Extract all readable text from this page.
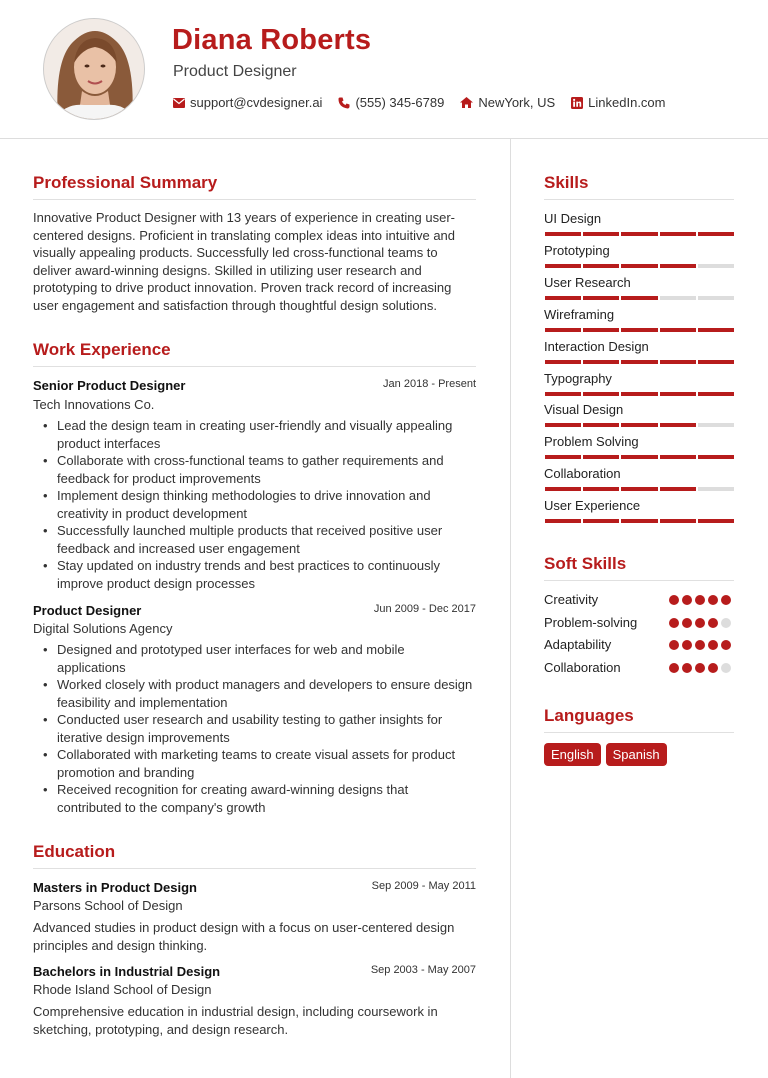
Diana Roberts
Product Designer
support@cvdesigner.ai	(555) 345-6789	NewYork, US	LinkedIn.com
Professional Summary
Innovative Product Designer with 13 years of experience in creating user-centered designs. Proficient in translating complex ideas into intuitive and visually appealing products. Successfully led cross-functional teams to deliver award-winning designs. Skilled in utilizing user research and prototyping to drive product innovation. Proven track record of increasing user engagement and satisfaction through thoughtful design solutions.
Work Experience
Senior Product Designer	Jan 2018 - Present
Tech Innovations Co.
• Lead the design team in creating user-friendly and visually appealing product interfaces
• Collaborate with cross-functional teams to gather requirements and feedback for product improvements
• Implement design thinking methodologies to drive innovation and creativity in product development
• Successfully launched multiple products that received positive user feedback and increased user engagement
• Stay updated on industry trends and best practices to continuously improve product design processes
Product Designer	Jun 2009 - Dec 2017
Digital Solutions Agency
• Designed and prototyped user interfaces for web and mobile applications
• Worked closely with product managers and developers to ensure design feasibility and implementation
• Conducted user research and usability testing to gather insights for iterative design improvements
• Collaborated with marketing teams to create visual assets for product promotion and branding
• Received recognition for creating award-winning designs that contributed to the company's growth
Education
Masters in Product Design	Sep 2009 - May 2011
Parsons School of Design
Advanced studies in product design with a focus on user-centered design principles and design thinking.
Bachelors in Industrial Design	Sep 2003 - May 2007
Rhode Island School of Design
Comprehensive education in industrial design, including coursework in sketching, prototyping, and design research.
Skills
UI Design
Prototyping
User Research
Wireframing
Interaction Design
Typography
Visual Design
Problem Solving
Collaboration
User Experience
Soft Skills
Creativity
Problem-solving
Adaptability
Collaboration
Languages
English	Spanish
